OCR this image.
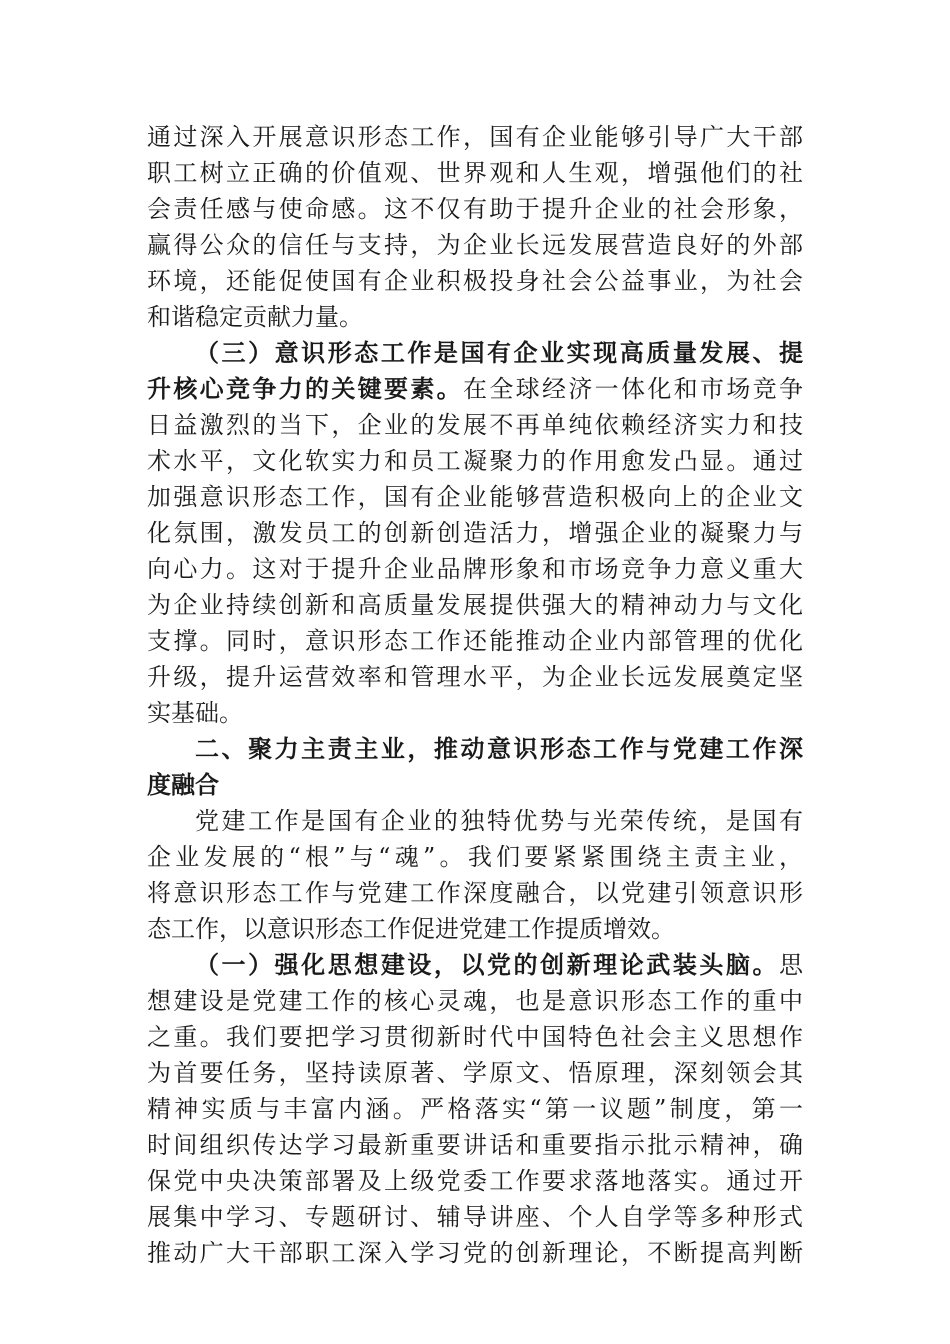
通过深入开展意识形态工作，国有企业能够引导广大干部
职工树立正确的价值观、世界观和人生观，增强他们的社
会责任感与使命感。这不仅有助于提升企业的社会形象，
赢得公众的信任与支持，为企业长远发展营造良好的外部
环境，还能促使国有企业积极投身社会公益事业，为社会
和谐稳定贡献力量。
（三）意识形态工作是国有企业实现高质量发展、提
升核心竞争力的关键要素。在全球经济一体化和市场竞争
日益激烈的当下，企业的发展不再单纯依赖经济实力和技
术水平，文化软实力和员工凝聚力的作用愈发凸显。通过
加强意识形态工作，国有企业能够营造积极向上的企业文
化氛围，激发员工的创新创造活力，增强企业的凝聚力与
向心力。这对于提升企业品牌形象和市场竞争力意义重大
为企业持续创新和高质量发展提供强大的精神动力与文化
支撑。同时，意识形态工作还能推动企业内部管理的优化
升级，提升运营效率和管理水平，为企业长远发展奠定坚
实基础。
二、聚力主责主业，推动意识形态工作与党建工作深
度融合
党建工作是国有企业的独特优势与光荣传统，是国有
企业发展的“根”与“魂”。我们要紧紧围绕主责主业，
将意识形态工作与党建工作深度融合，以党建引领意识形
态工作，以意识形态工作促进党建工作提质增效。
（一）强化思想建设，以党的创新理论武装头脑。思
想建设是党建工作的核心灵魂，也是意识形态工作的重中
之重。我们要把学习贯彻新时代中国特色社会主义思想作
为首要任务，坚持读原著、学原文、悟原理，深刻领会其
精神实质与丰富内涵。严格落实“第一议题”制度，第一
时间组织传达学习最新重要讲话和重要指示批示精神，确
保党中央决策部署及上级党委工作要求落地落实。通过开
展集中学习、专题研讨、辅导讲座、个人自学等多种形式
推动广大干部职工深入学习党的创新理论，不断提高判断
